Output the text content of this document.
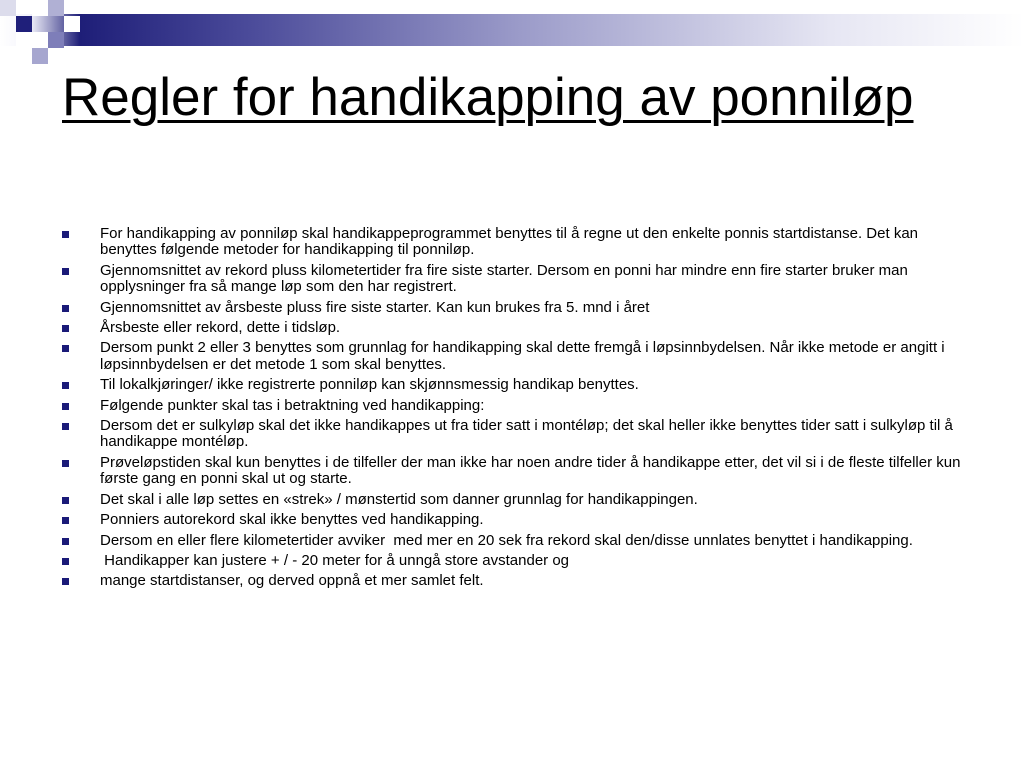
Regler for handikapping av ponniløp
For handikapping av ponniløp skal handikappeprogrammet benyttes til å regne ut den enkelte ponnis startdistanse. Det kan benyttes følgende metoder for handikapping til ponniløp.
Gjennomsnittet av rekord pluss kilometertider fra fire siste starter. Dersom en ponni har mindre enn fire starter bruker man opplysninger fra så mange løp som den har registrert.
Gjennomsnittet av årsbeste pluss fire siste starter. Kan kun brukes fra 5. mnd i året
Årsbeste eller rekord, dette i tidsløp.
Dersom punkt 2 eller 3 benyttes som grunnlag for handikapping skal dette fremgå i løpsinnbydelsen. Når ikke metode er angitt i løpsinnbydelsen er det metode 1 som skal benyttes.
Til lokalkjøringer/ ikke registrerte ponniløp kan skjønnsmessig handikap benyttes.
Følgende punkter skal tas i betraktning ved handikapping:
Dersom det er sulkyløp skal det ikke handikappes ut fra tider satt i montéløp; det skal heller ikke benyttes tider satt i sulkyløp til å handikappe montéløp.
Prøveløpstiden skal kun benyttes i de tilfeller der man ikke har noen andre tider å handikappe etter, det vil si i de fleste tilfeller kun første gang en ponni skal ut og starte.
Det skal i alle løp settes en «strek» / mønstertid som danner grunnlag for handikappingen.
Ponniers autorekord skal ikke benyttes ved handikapping.
Dersom en eller flere kilometertider avviker  med mer en 20 sek fra rekord skal den/disse unnlates benyttet i handikapping.
Handikapper kan justere + / - 20 meter for å unngå store avstander og
mange startdistanser, og derved oppnå et mer samlet felt.
